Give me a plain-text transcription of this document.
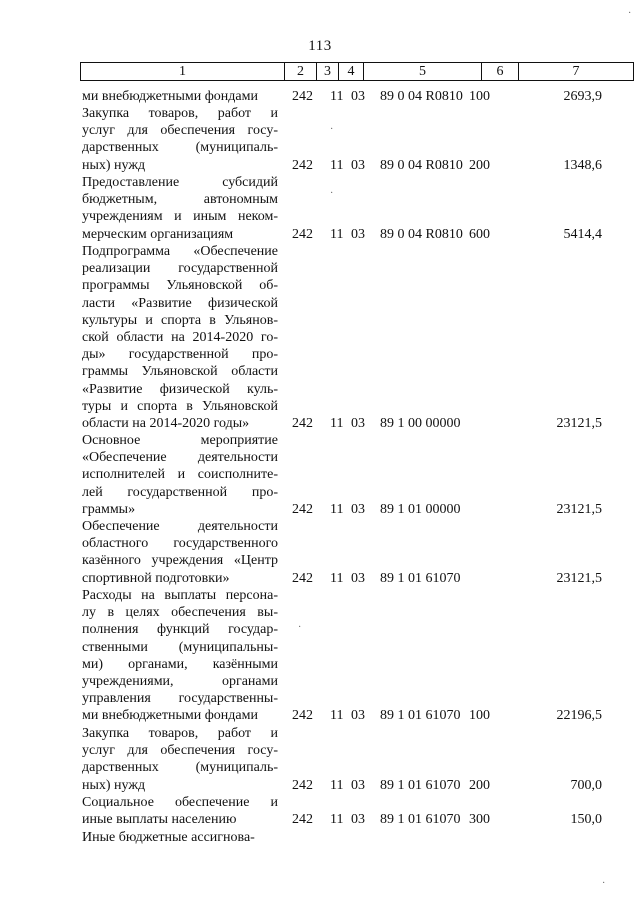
113
1	2	3	4	5	6	7
ми внебюджетными фондами	242 11 03 89 0 04 R0810 100	2693,9
Закупка товаров, работ и
услуг для обеспечения госу-
дарственных (муниципаль-
ных) нужд	242 11 03 89 0 04 R0810 200	1348,6
Предоставление субсидий
бюджетным, автономным
учреждениям и иным неком-
мерческим организациям	242 11 03 89 0 04 R0810 600	5414,4
Подпрограмма «Обеспечение
реализации государственной
программы Ульяновской об-
ласти «Развитие физической
культуры и спорта в Ульянов-
ской области на 2014-2020 го-
ды» государственной про-
граммы Ульяновской области
«Развитие физической куль-
туры и спорта в Ульяновской
области на 2014-2020 годы»	242 11 03 89 1 00 00000	23121,5
Основное мероприятие
«Обеспечение деятельности
исполнителей и соисполните-
лей государственной про-
граммы»	242 11 03 89 1 01 00000	23121,5
Обеспечение деятельности
областного государственного
казённого учреждения «Центр
спортивной подготовки»	242 11 03 89 1 01 61070	23121,5
Расходы на выплаты персона-
лу в целях обеспечения вы-
полнения функций государ-
ственными (муниципальны-
ми) органами, казёнными
учреждениями, органами
управления государственны-
ми внебюджетными фондами	242 11 03 89 1 01 61070 100	22196,5
Закупка товаров, работ и
услуг для обеспечения госу-
дарственных (муниципаль-
ных) нужд	242 11 03 89 1 01 61070 200	700,0
Социальное обеспечение и
иные выплаты населению	242 11 03 89 1 01 61070 300	150,0
Иные бюджетные ассигнова-
·
·
·
·
·
